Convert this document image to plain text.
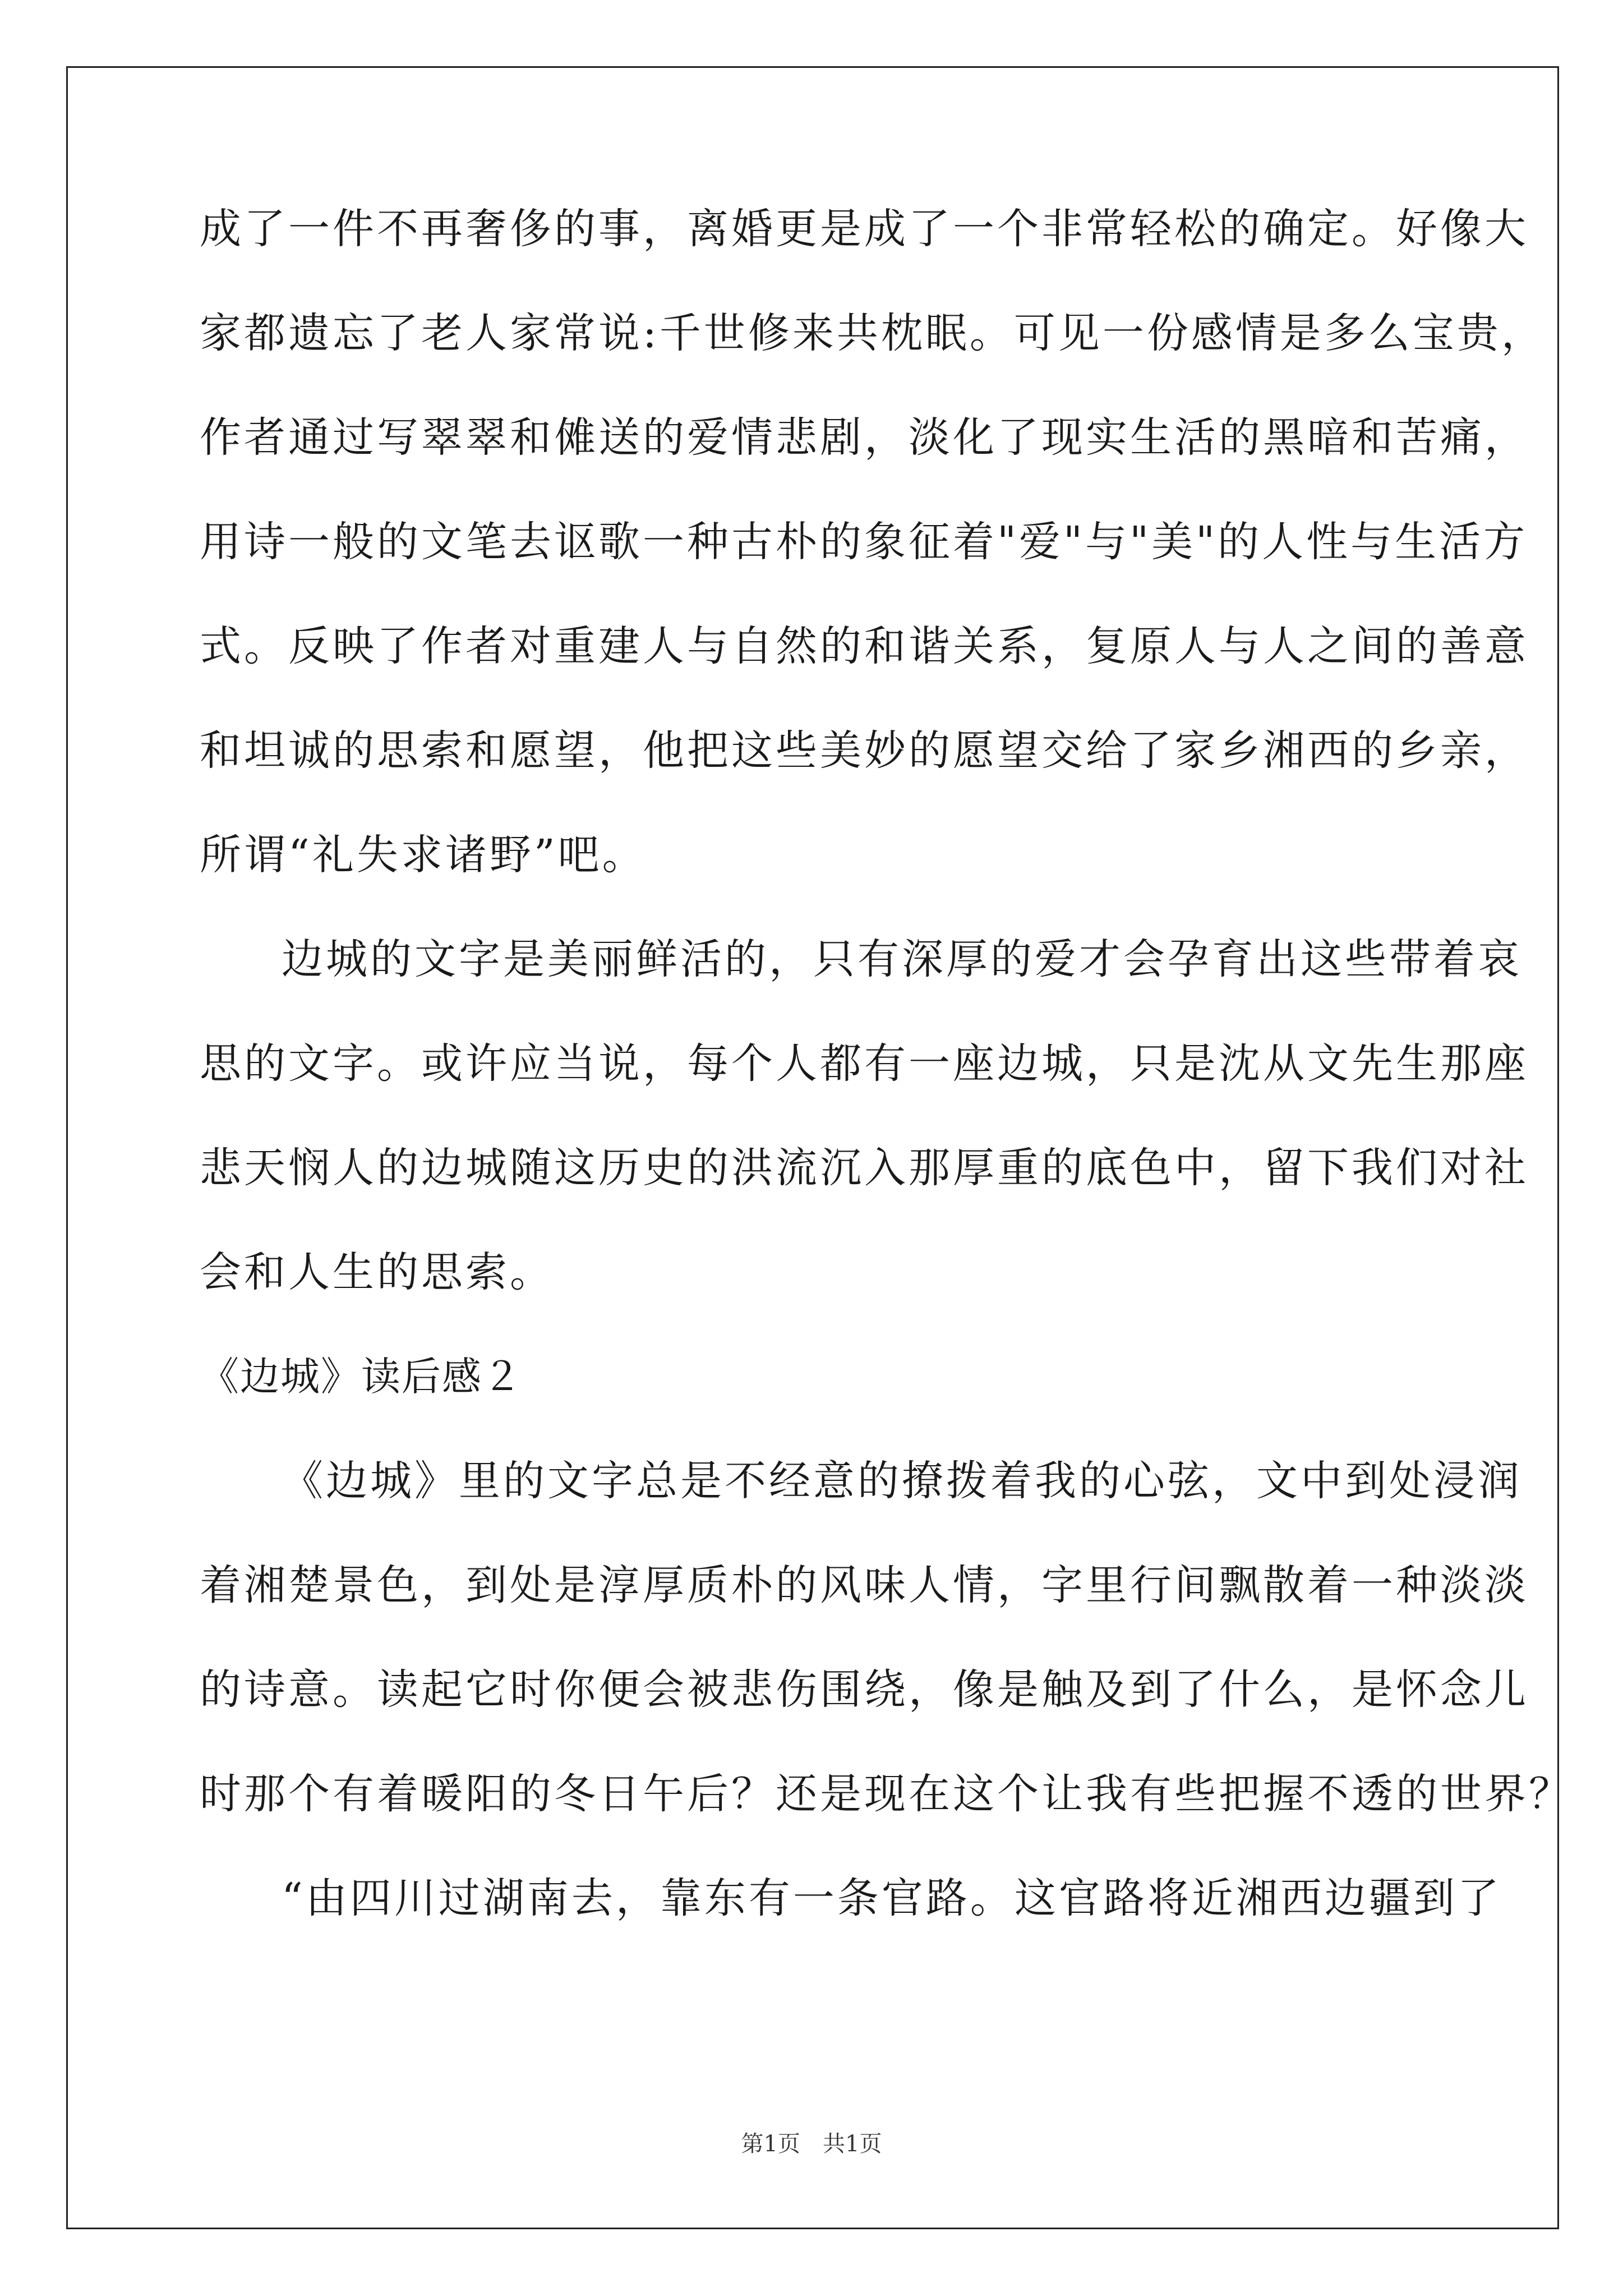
成了一件不再奢侈的事，离婚更是成了一个非常轻松的确定。好像大
家都遗忘了老人家常说:千世修来共枕眠。可见一份感情是多么宝贵，
作者通过写翠翠和傩送的爱情悲剧，淡化了现实生活的黑暗和苦痛，
用诗一般的文笔去讴歌一种古朴的象征着"爱"与"美"的人性与生活方
式。反映了作者对重建人与自然的和谐关系，复原人与人之间的善意
和坦诚的思索和愿望，他把这些美妙的愿望交给了家乡湘西的乡亲，
所谓“礼失求诸野”吧。
边城的文字是美丽鲜活的，只有深厚的爱才会孕育出这些带着哀
思的文字。或许应当说，每个人都有一座边城，只是沈从文先生那座
悲天悯人的边城随这历史的洪流沉入那厚重的底色中，留下我们对社
会和人生的思索。
《边城》读后感２
《边城》里的文字总是不经意的撩拨着我的心弦，文中到处浸润
着湘楚景色，到处是淳厚质朴的风味人情，字里行间飘散着一种淡淡
的诗意。读起它时你便会被悲伤围绕，像是触及到了什么，是怀念儿
时那个有着暖阳的冬日午后？还是现在这个让我有些把握不透的世界？
“由四川过湖南去，靠东有一条官路。这官路将近湘西边疆到了
第1页　共1页
